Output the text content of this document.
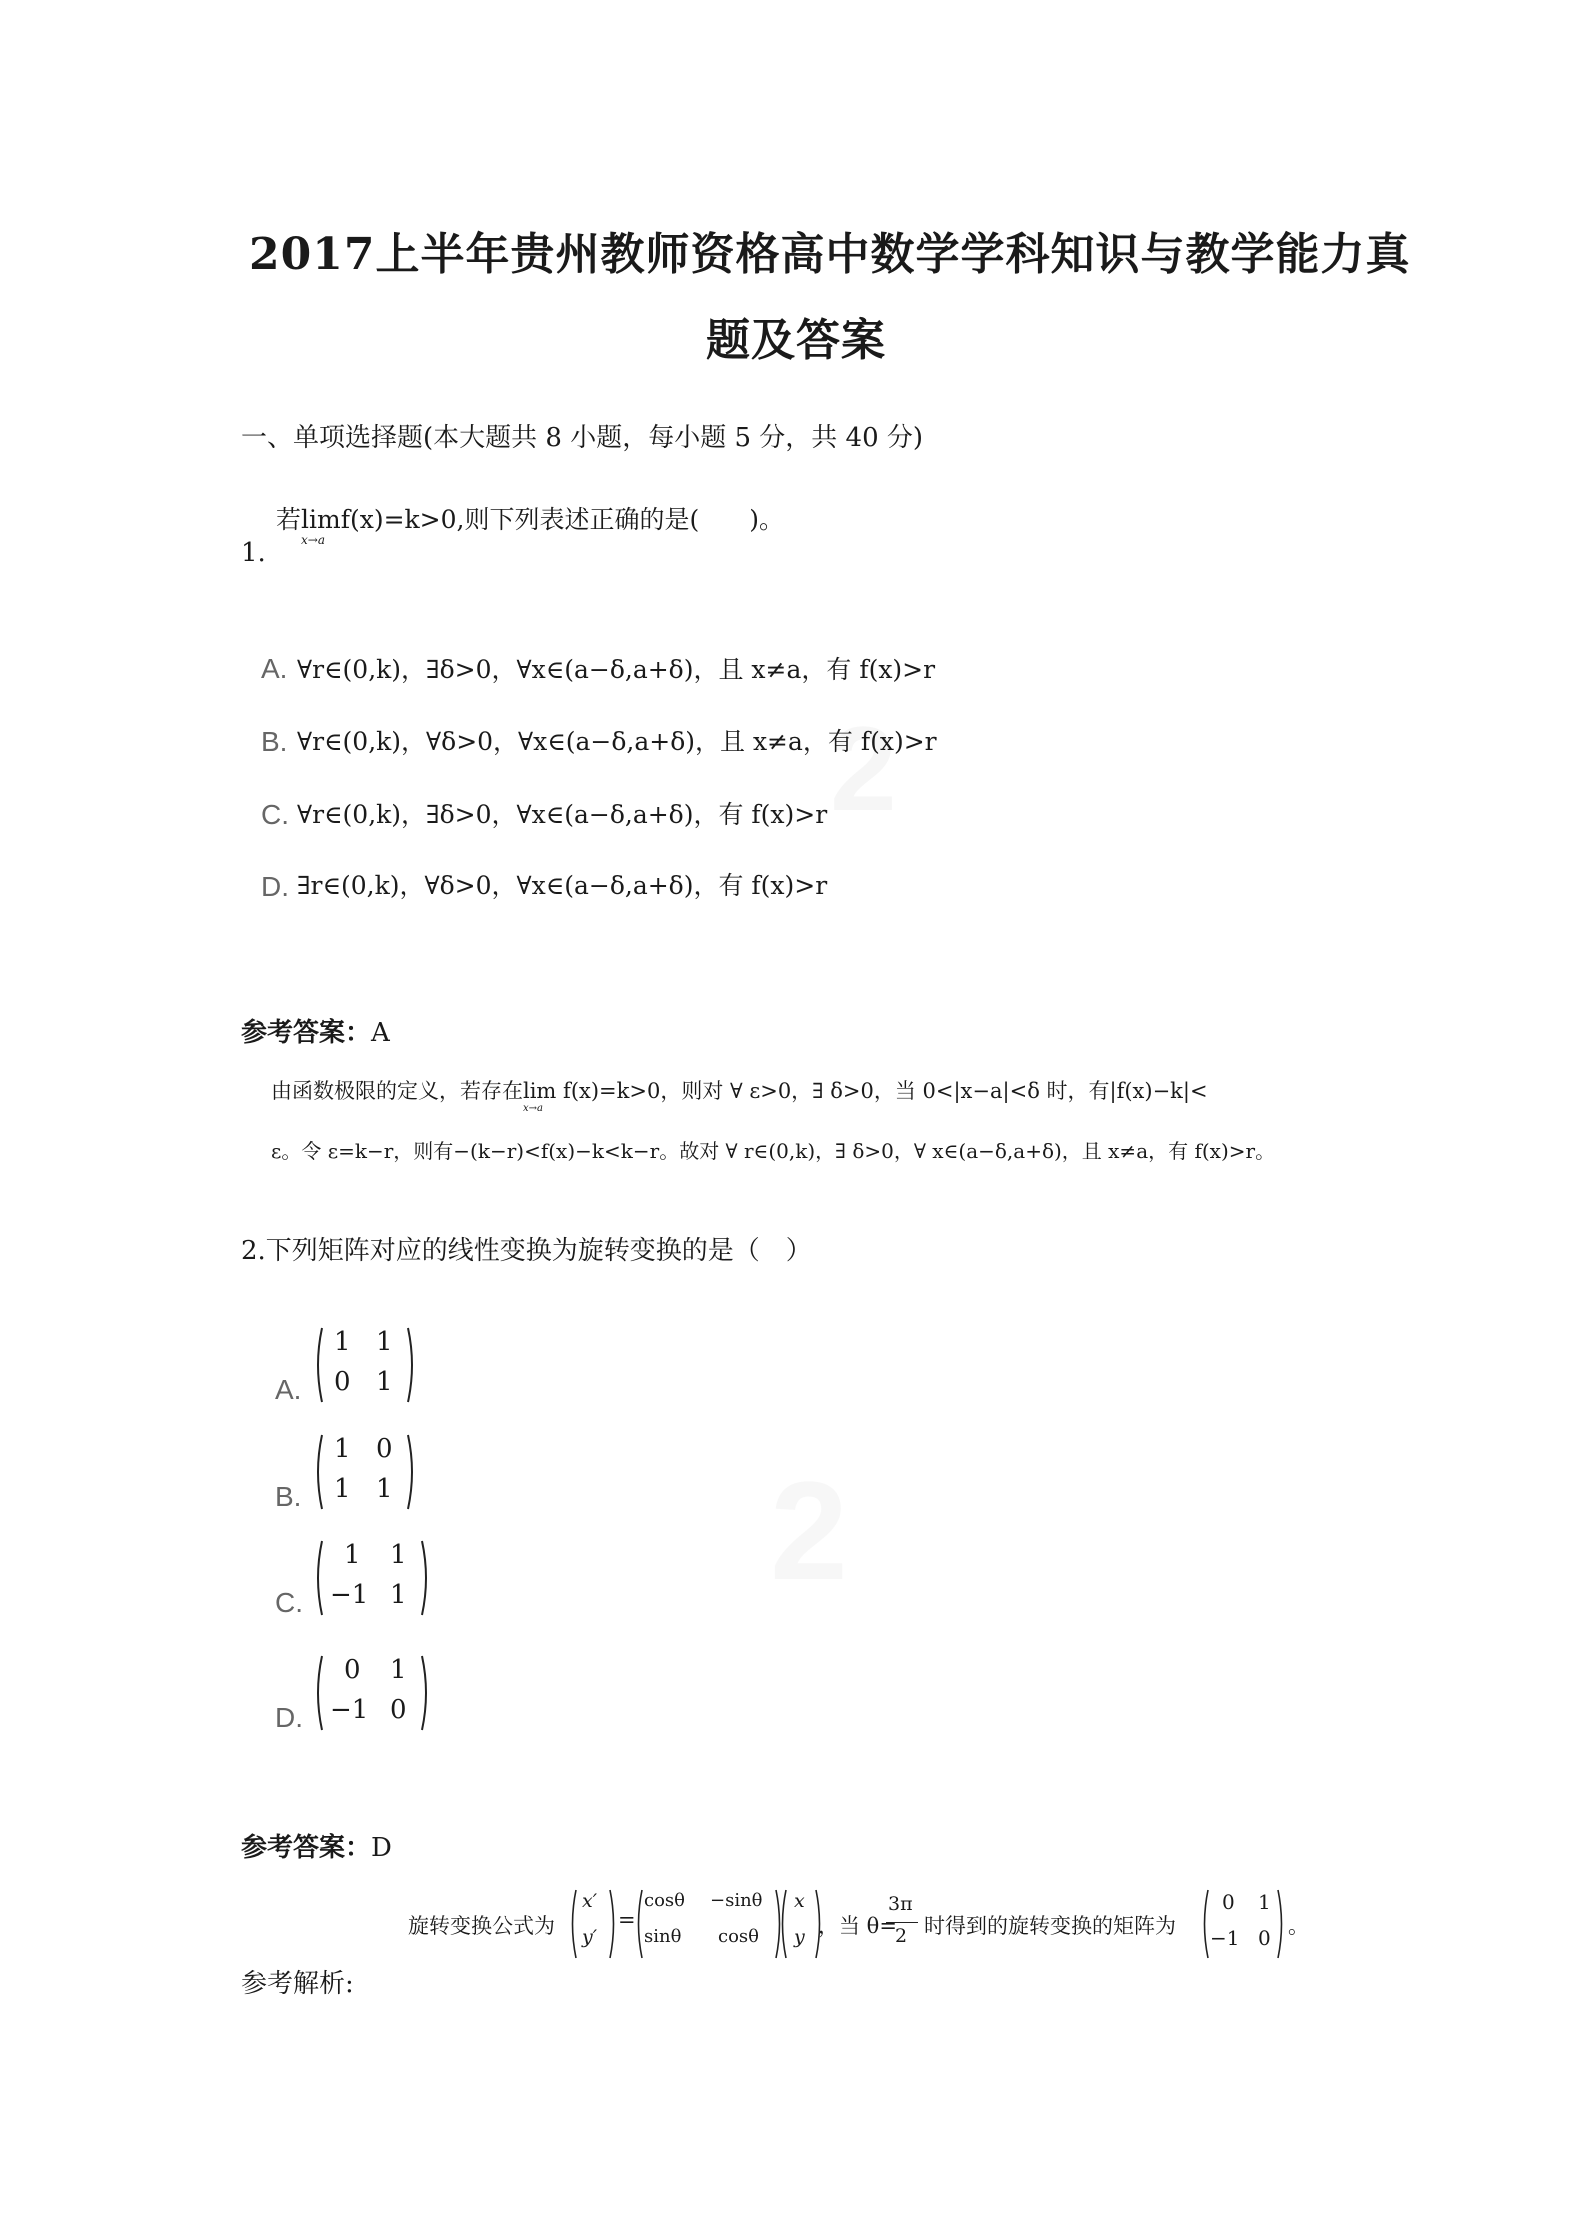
2
2
2017上半年贵州教师资格高中数学学科知识与教学能力真
题及答案
一、单项选择题(本大题共 8 小题，每小题 5 分，共 40 分)
1.
若lim
x→a
f(x)=k>0,则下列表述正确的是(　　)。
A. ∀r∈(0,k)，∃δ>0，∀x∈(a−δ,a+δ)，且 x≠a，有 f(x)>r
B. ∀r∈(0,k)，∀δ>0，∀x∈(a−δ,a+δ)，且 x≠a，有 f(x)>r
C. ∀r∈(0,k)，∃δ>0，∀x∈(a−δ,a+δ)，有 f(x)>r
D. ∃r∈(0,k)，∀δ>0，∀x∈(a−δ,a+δ)，有 f(x)>r
参考答案：A
由函数极限的定义，若存在lim
x→a
f(x)=k>0，则对 ∀ ε>0，∃ δ>0，当 0<|x−a|<δ 时，有|f(x)−k|<
ε。令 ε=k−r，则有−(k−r)<f(x)−k<k−r。故对 ∀ r∈(0,k)，∃ δ>0，∀ x∈(a−δ,a+δ)，且 x≠a，有 f(x)>r。
2.下列矩阵对应的线性变换为旋转变换的是（　）
A.
1 1
0 1
B.
1 0
1 1
C.
1 1
−1 1
D.
0 1
−1 0
参考答案：D
旋转变换公式为
x′
y′
=
cosθ −sinθ
sinθ cosθ
x
y ，当 θ=
3π
2 时得到的旋转变换的矩阵为
0 1
−1 0 。
参考解析:
